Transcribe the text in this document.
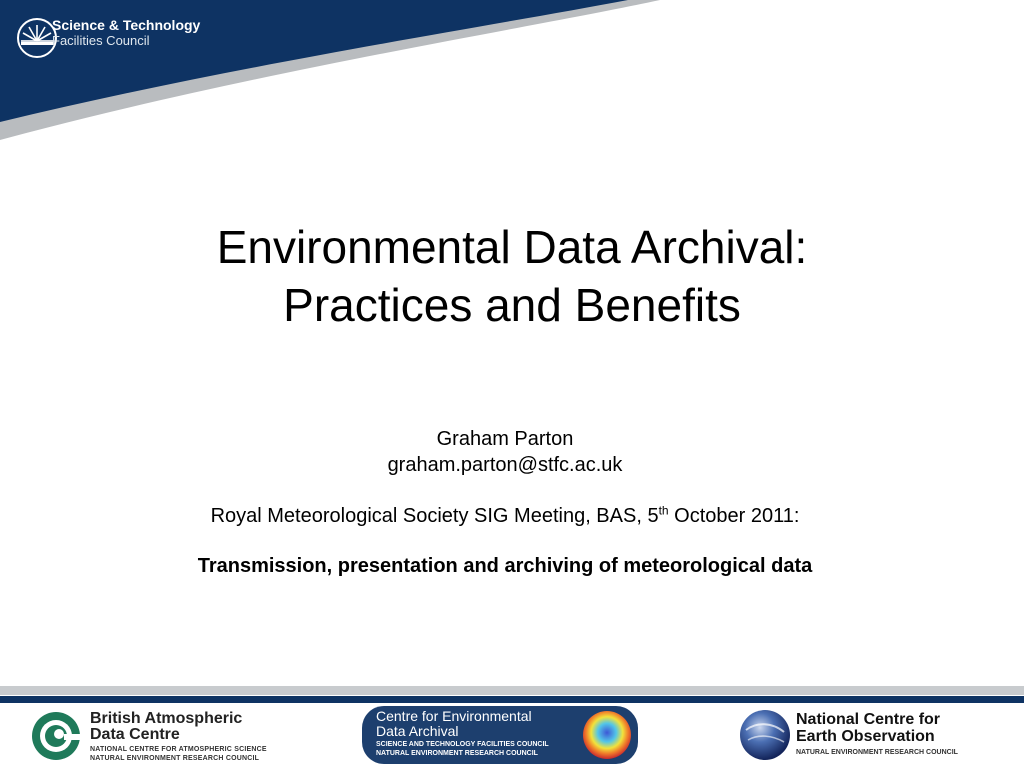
Science & Technology
Facilities Council
Environmental Data Archival:
Practices and Benefits
Graham Parton
graham.parton@stfc.ac.uk
Royal Meteorological Society SIG Meeting, BAS, 5th October 2011:
Transmission, presentation and archiving of meteorological data
British Atmospheric
Data Centre
NATIONAL CENTRE FOR ATMOSPHERIC SCIENCE
NATURAL ENVIRONMENT RESEARCH COUNCIL
Centre for Environmental
Data Archival
SCIENCE AND TECHNOLOGY FACILITIES COUNCIL
NATURAL ENVIRONMENT RESEARCH COUNCIL
National Centre for
Earth Observation
NATURAL ENVIRONMENT RESEARCH COUNCIL
